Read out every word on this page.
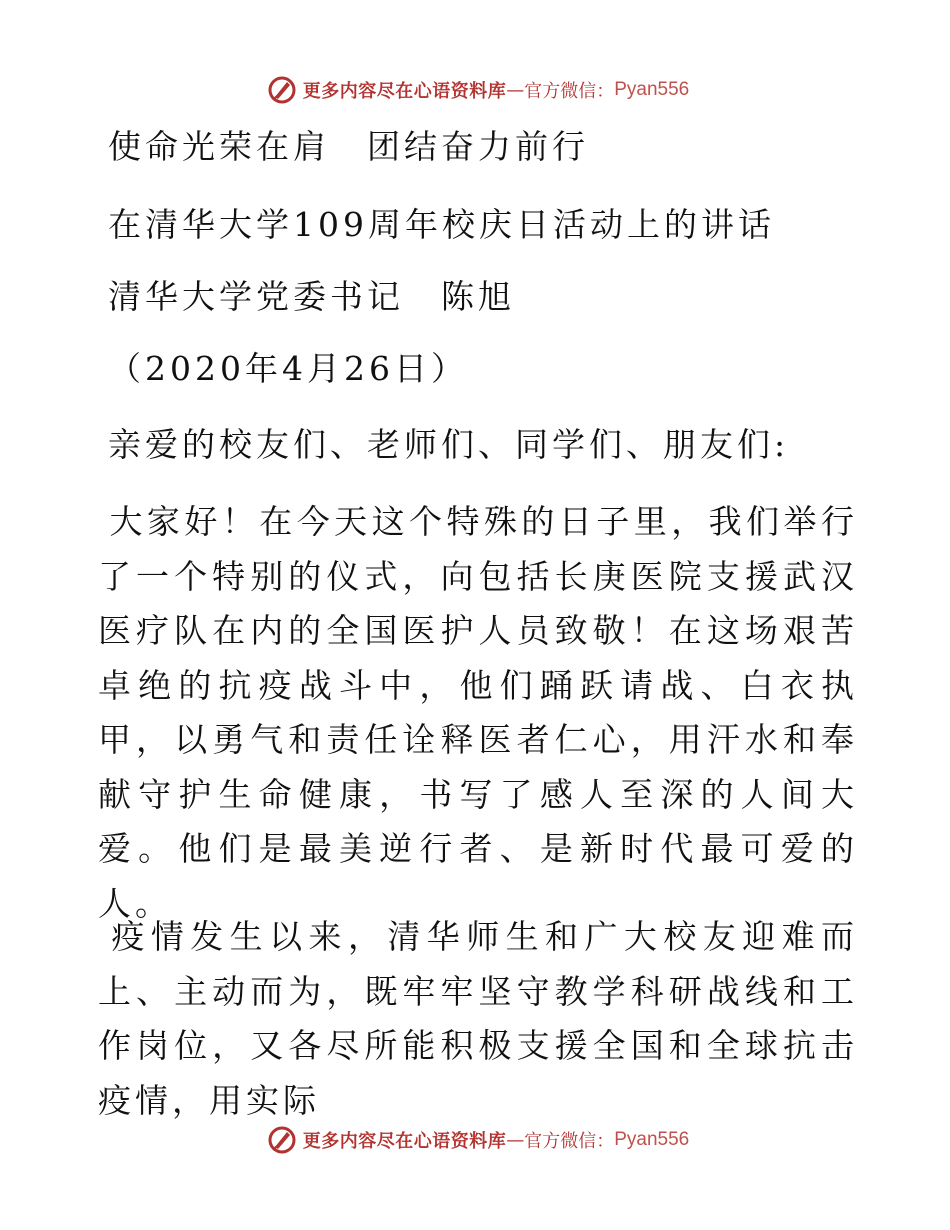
更多内容尽在心语资料库 — 官方微信： Pyan556
使命光荣在肩　团结奋力前行
在清华大学109周年校庆日活动上的讲话
清华大学党委书记　陈旭
（2020年4月26日）
亲爱的校友们、老师们、同学们、朋友们:
大家好！在今天这个特殊的日子里，我们举行了一个特别的仪式，向包括长庚医院支援武汉医疗队在内的全国医护人员致敬！在这场艰苦卓绝的抗疫战斗中，他们踊跃请战、白衣执甲，以勇气和责任诠释医者仁心，用汗水和奉献守护生命健康，书写了感人至深的人间大爱。他们是最美逆行者、是新时代最可爱的人。
疫情发生以来，清华师生和广大校友迎难而上、主动而为，既牢牢坚守教学科研战线和工作岗位，又各尽所能积极支援全国和全球抗击疫情，用实际
更多内容尽在心语资料库 — 官方微信： Pyan556
